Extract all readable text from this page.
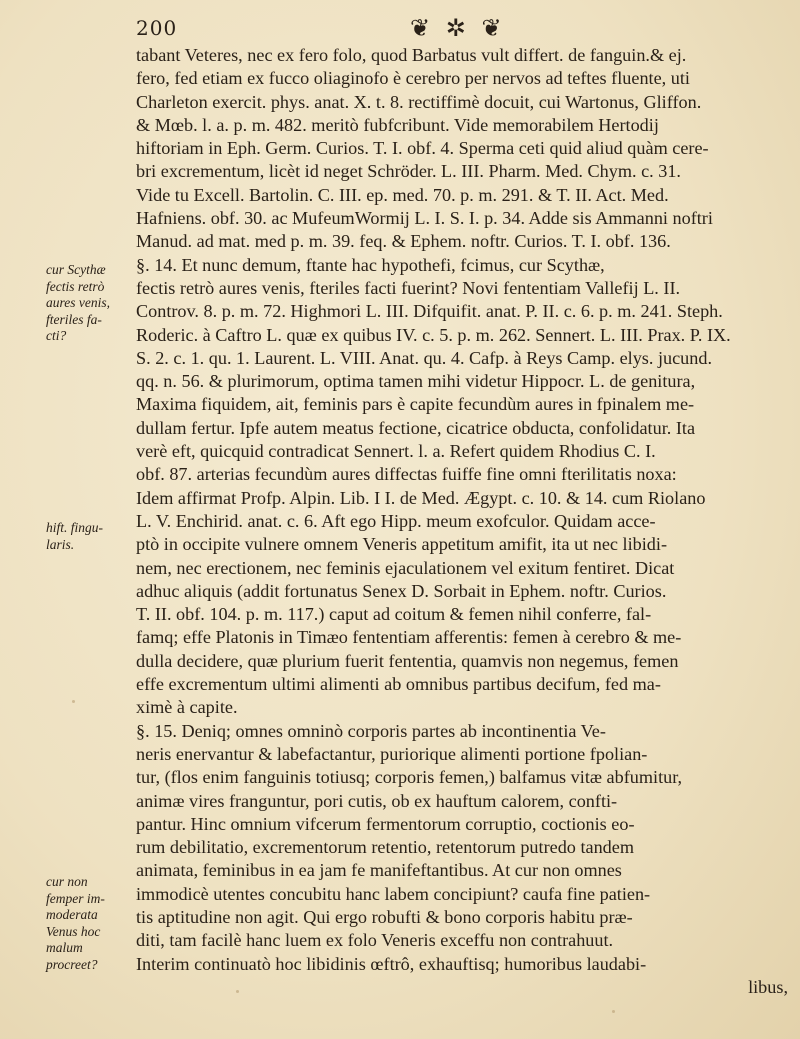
200	❦ ✲ ❦
tabant Veteres, nec ex fero folo, quod Barbatus vult differt. de fanguin.& ej.
fero, fed etiam ex fucco oliaginofo è cerebro per nervos ad teftes fluente, uti
Charleton exercit. phys. anat. X. t. 8. rectiffimè docuit, cui Wartonus, Gliffon.
& Mœb. l. a. p. m. 482. meritò fubfcribunt. Vide memorabilem Hertodij
hiftoriam in Eph. Germ. Curios. T. I. obf. 4. Sperma ceti quid aliud quàm cere-
bri excrementum, licèt id neget Schröder. L. III. Pharm. Med. Chym. c. 31.
Vide tu Excell. Bartolin. C. III. ep. med. 70. p. m. 291. & T. II. Act. Med.
Hafniens. obf. 30. ac MufeumWormij L. I. S. I. p. 34. Adde sis Ammanni noftri
Manud. ad mat. med p. m. 39. feq. & Ephem. noftr. Curios. T. I. obf. 136.
§. 14. Et nunc demum, ftante hac hypothefi, fcimus, cur Scythæ,
fectis retrò aures venis, fteriles facti fuerint? Novi fententiam Vallefij L. II.
Controv. 8. p. m. 72. Highmori L. III. Difquifit. anat. P. II. c. 6. p. m. 241. Steph.
Roderic. à Caftro L. quæ ex quibus IV. c. 5. p. m. 262. Sennert. L. III. Prax. P. IX.
S. 2. c. 1. qu. 1. Laurent. L. VIII. Anat. qu. 4. Cafp. à Reys Camp. elys. jucund.
qq. n. 56. & plurimorum, optima tamen mihi videtur Hippocr. L. de genitura,
Maxima fiquidem, ait, feminis pars è capite fecundùm aures in fpinalem me-
dullam fertur. Ipfe autem meatus fectione, cicatrice obducta, confolidatur. Ita
verè eft, quicquid contradicat Sennert. l. a. Refert quidem Rhodius C. I.
obf. 87. arterias fecundùm aures diffectas fuiffe fine omni fterilitatis noxa:
Idem affirmat Profp. Alpin. Lib. I I. de Med. Ægypt. c. 10. & 14. cum Riolano
L. V. Enchirid. anat. c. 6. Aft ego Hipp. meum exofculor. Quidam acce-
ptò in occipite vulnere omnem Veneris appetitum amifit, ita ut nec libidi-
nem, nec erectionem, nec feminis ejaculationem vel exitum fentiret. Dicat
adhuc aliquis (addit fortunatus Senex D. Sorbait in Ephem. noftr. Curios.
T. II. obf. 104. p. m. 117.) caput ad coitum & femen nihil conferre, fal-
famq; effe Platonis in Timæo fententiam afferentis: femen à cerebro & me-
dulla decidere, quæ plurium fuerit fententia, quamvis non negemus, femen
effe excrementum ultimi alimenti ab omnibus partibus decifum, fed ma-
ximè à capite.
§. 15. Deniq; omnes omninò corporis partes ab incontinentia Ve-
neris enervantur & labefactantur, puriorique alimenti portione fpolian-
tur, (flos enim fanguinis totiusq; corporis femen,) balfamus vitæ abfumitur,
animæ vires franguntur, pori cutis, ob ex hauftum calorem, confti-
pantur. Hinc omnium vifcerum fermentorum corruptio, coctionis eo-
rum debilitatio, excrementorum retentio, retentorum putredo tandem
animata, feminibus in ea jam fe manifeftantibus. At cur non omnes
immodicè utentes concubitu hanc labem concipiunt? caufa fine patien-
tis aptitudine non agit. Qui ergo robufti & bono corporis habitu præ-
diti, tam facilè hanc luem ex folo Veneris exceffu non contrahuut.
Interim continuatò hoc libidinis œftrô, exhauftisq; humoribus laudabi-
libus,
cur Scythæ
fectis retrò
aures venis,
fteriles fa-
cti?
hift. fingu-
laris.
cur non
femper im-
moderata
Venus hoc
malum
procreet?
